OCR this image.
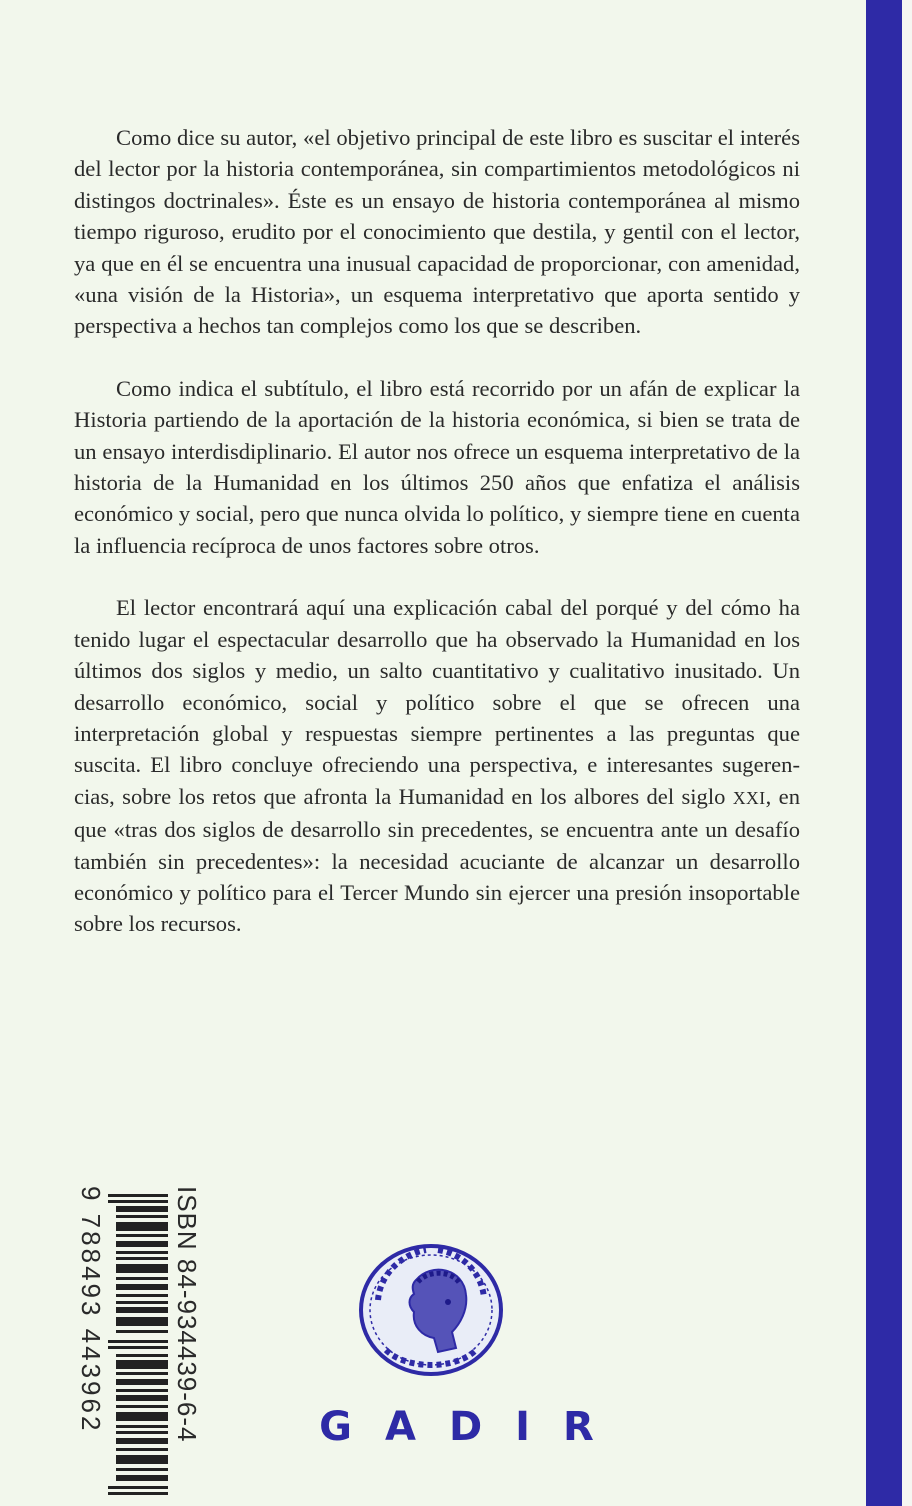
Como dice su autor, «el objetivo principal de este libro es suscitar el interés del lector por la historia contemporánea, sin compartimientos metodológicos ni distingos doctrinales». Éste es un ensayo de historia contemporánea al mismo tiempo riguroso, erudito por el conocimiento que destila, y gentil con el lector, ya que en él se encuentra una inusual capacidad de proporcionar, con amenidad, «una visión de la Historia», un esquema interpretativo que aporta sentido y perspectiva a hechos tan complejos como los que se describen.

Como indica el subtítulo, el libro está recorrido por un afán de explicar la Historia partiendo de la aportación de la historia económica, si bien se trata de un ensayo interdisdiplinario. El autor nos ofrece un esquema interpretativo de la historia de la Humanidad en los últimos 250 años que enfatiza el análisis económico y social, pero que nunca olvida lo político, y siempre tiene en cuenta la influencia recíproca de unos factores sobre otros.

El lector encontrará aquí una explicación cabal del porqué y del cómo ha tenido lugar el espectacular desarrollo que ha observado la Humanidad en los últimos dos siglos y medio, un salto cuantitativo y cualitativo inusitado. Un desarrollo económico, social y político sobre el que se ofrecen una interpretación global y respuestas siempre pertinentes a las preguntas que suscita. El libro concluye ofreciendo una perspectiva, e interesantes sugerencias, sobre los retos que afronta la Humanidad en los albores del siglo XXI, en que «tras dos siglos de desarrollo sin precedentes, se encuentra ante un desafío también sin precedentes»: la necesidad acuciante de alcanzar un desarrollo económico y político para el Tercer Mundo sin ejercer una presión insoportable sobre los recursos.

ISBN 84-934439-6-4
9 788493 443962	GADIR
